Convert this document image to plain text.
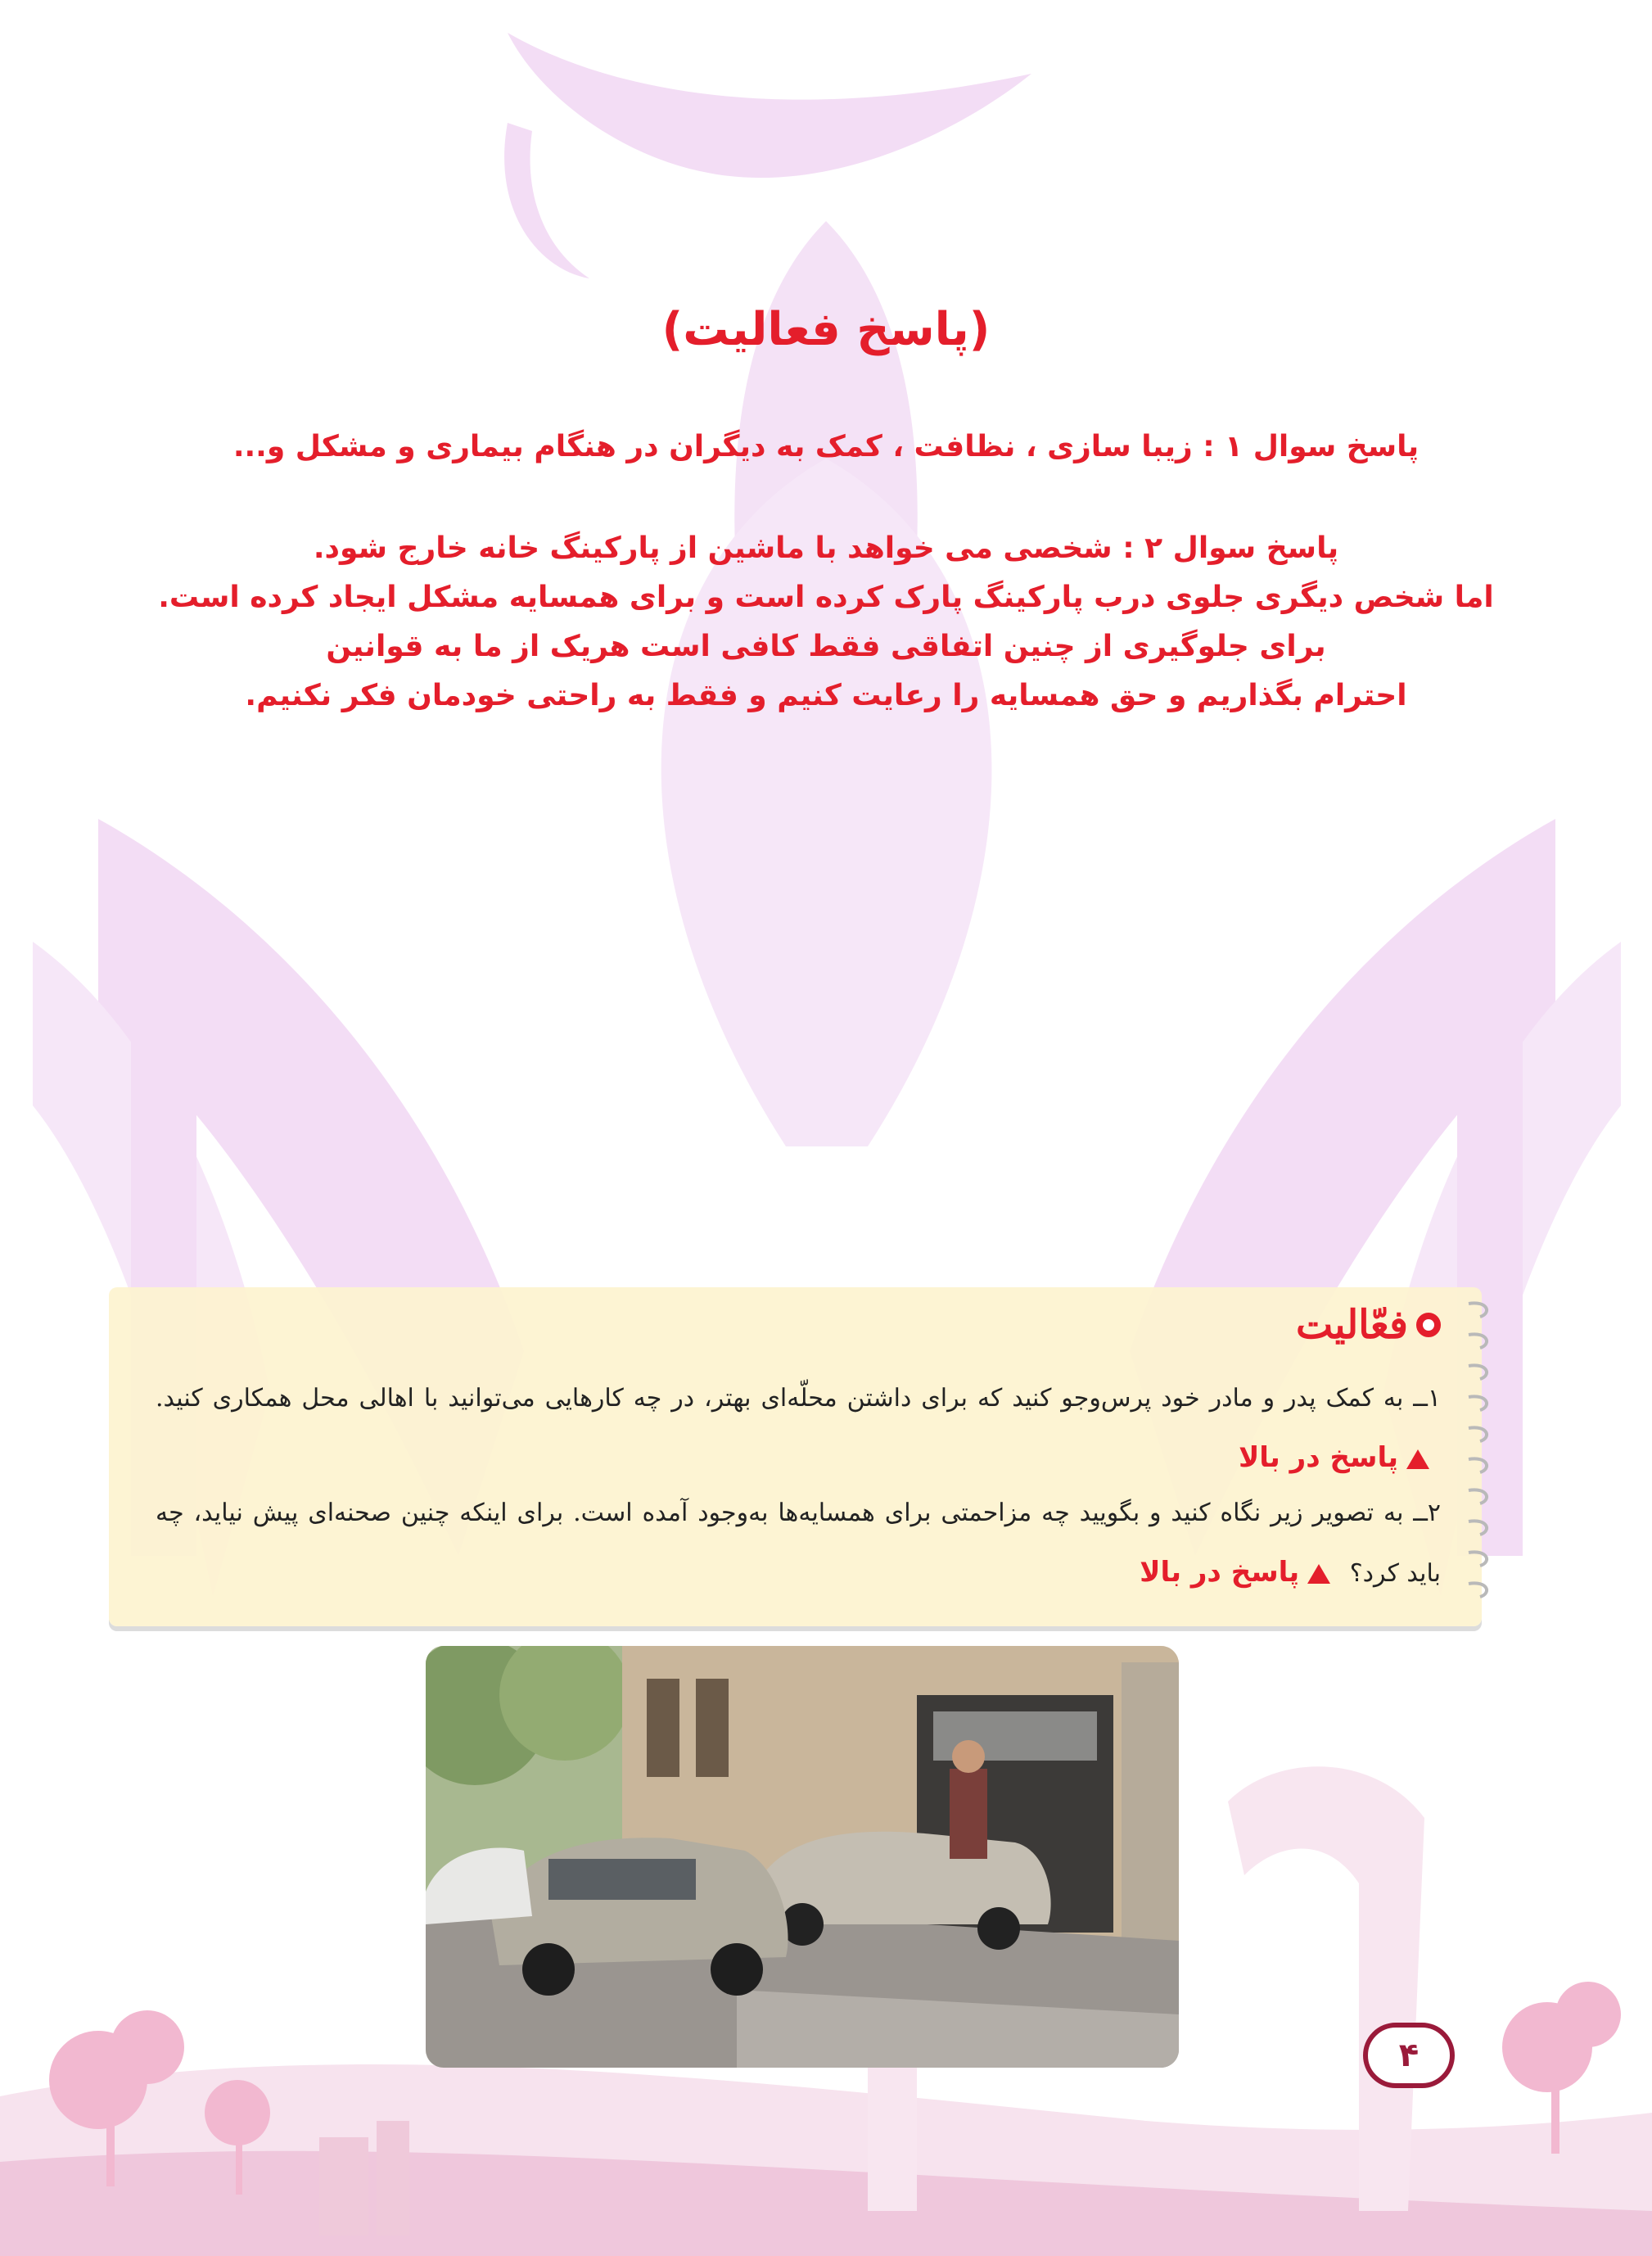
(پاسخ فعالیت)
پاسخ سوال ۱ : زیبا سازی ، نظافت ، کمک به دیگران در هنگام بیماری و مشکل و...
پاسخ سوال ۲ : شخصی می خواهد با ماشین از پارکینگ خانه خارج شود.
اما شخص دیگری جلوی درب پارکینگ پارک کرده است و برای همسایه مشکل ایجاد کرده است.
برای جلوگیری از چنین اتفاقی فقط کافی است هریک از ما به قوانین
احترام بگذاریم و حق همسایه را رعایت کنیم و فقط به راحتی خودمان فکر نکنیم.
فعّالیت
۱ــ به کمک پدر و مادر خود پرس‌وجو کنید که برای داشتن محلّه‌ای بهتر، در چه کارهایی می‌توانید با اهالی محل همکاری کنید. پاسخ در بالا
۲ــ به تصویر زیر نگاه کنید و بگویید چه مزاحمتی برای همسایه‌ها به‌وجود آمده است. برای اینکه چنین صحنه‌ای پیش نیاید، چه باید کرد؟ پاسخ در بالا
۴
